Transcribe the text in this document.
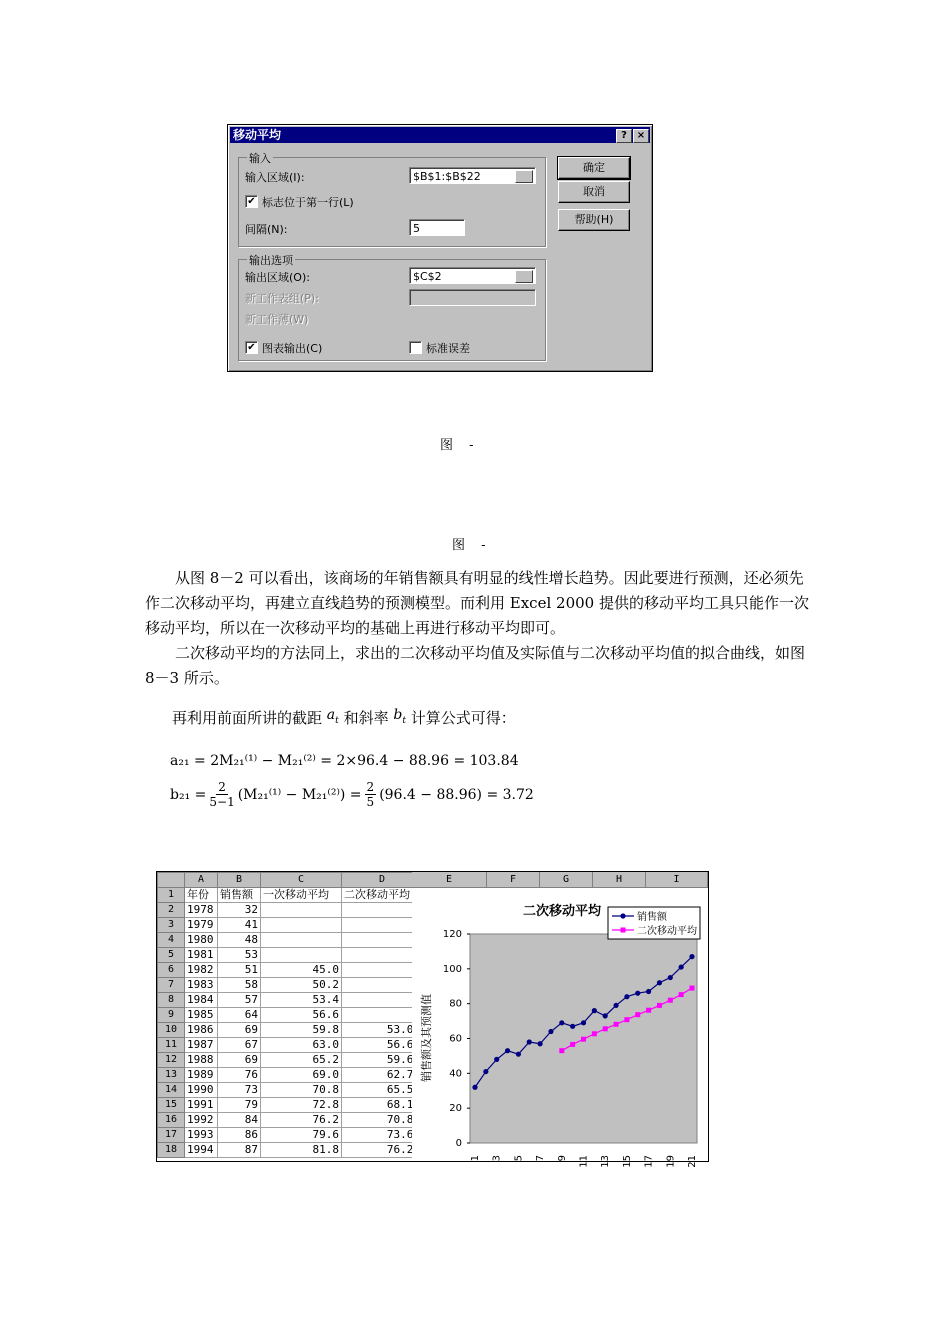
移动平均	? ×
输入
输入区域(I):	$B$1:$B$22
✔ 标志位于第一行(L)
间隔(N):	5
输出选项
输出区域(O):	$C$2
新工作表组(P):
新工作薄(W)
✔ 图表输出(C)	标准误差
确定
取消
帮助(H)
图 -
图 -
从图 8－2 可以看出，该商场的年销售额具有明显的线性增长趋势。因此要进行预测，还必须先作二次移动平均，再建立直线趋势的预测模型。而利用 Excel 2000 提供的移动平均工具只能作一次移动平均，所以在一次移动平均的基础上再进行移动平均即可。
二次移动平均的方法同上，求出的二次移动平均值及实际值与二次移动平均值的拟合曲线，如图 8－3 所示。
再利用前面所讲的截距 $a_t$ 和斜率 $b_t$ 计算公式可得：
a₂₁ = 2M₂₁⁽¹⁾ − M₂₁⁽²⁾ = 2×96.4 − 88.96 = 103.84
$b_{21} = \frac{2}{5-1} (M_{21}^{(1)} - M_{21}^{(2)}) = \frac{2}{5} (96.4 - 88.96) = 3.72$
	A	B	C	D
1	年份	销售额	一次移动平均	二次移动平均
2	1978	32		
3	1979	41		
4	1980	48		
5	1981	53		
6	1982	51	45.0	
7	1983	58	50.2	
8	1984	57	53.4	
9	1985	64	56.6	
10	1986	69	59.8	53.00
11	1987	67	63.0	56.60
12	1988	69	65.2	59.60
13	1989	76	69.0	62.72
14	1990	73	70.8	65.56
15	1991	79	72.8	68.16
16	1992	84	76.2	70.80
17	1993	86	79.6	73.68
18	1994	87	81.8	76.24
二次移动平均
销售额及其预测值
0
20
40
60
80
100
120
1 3 5 7 9 11 13 15 17 19 21
销售额
二次移动平均
E	F	G	H	I
